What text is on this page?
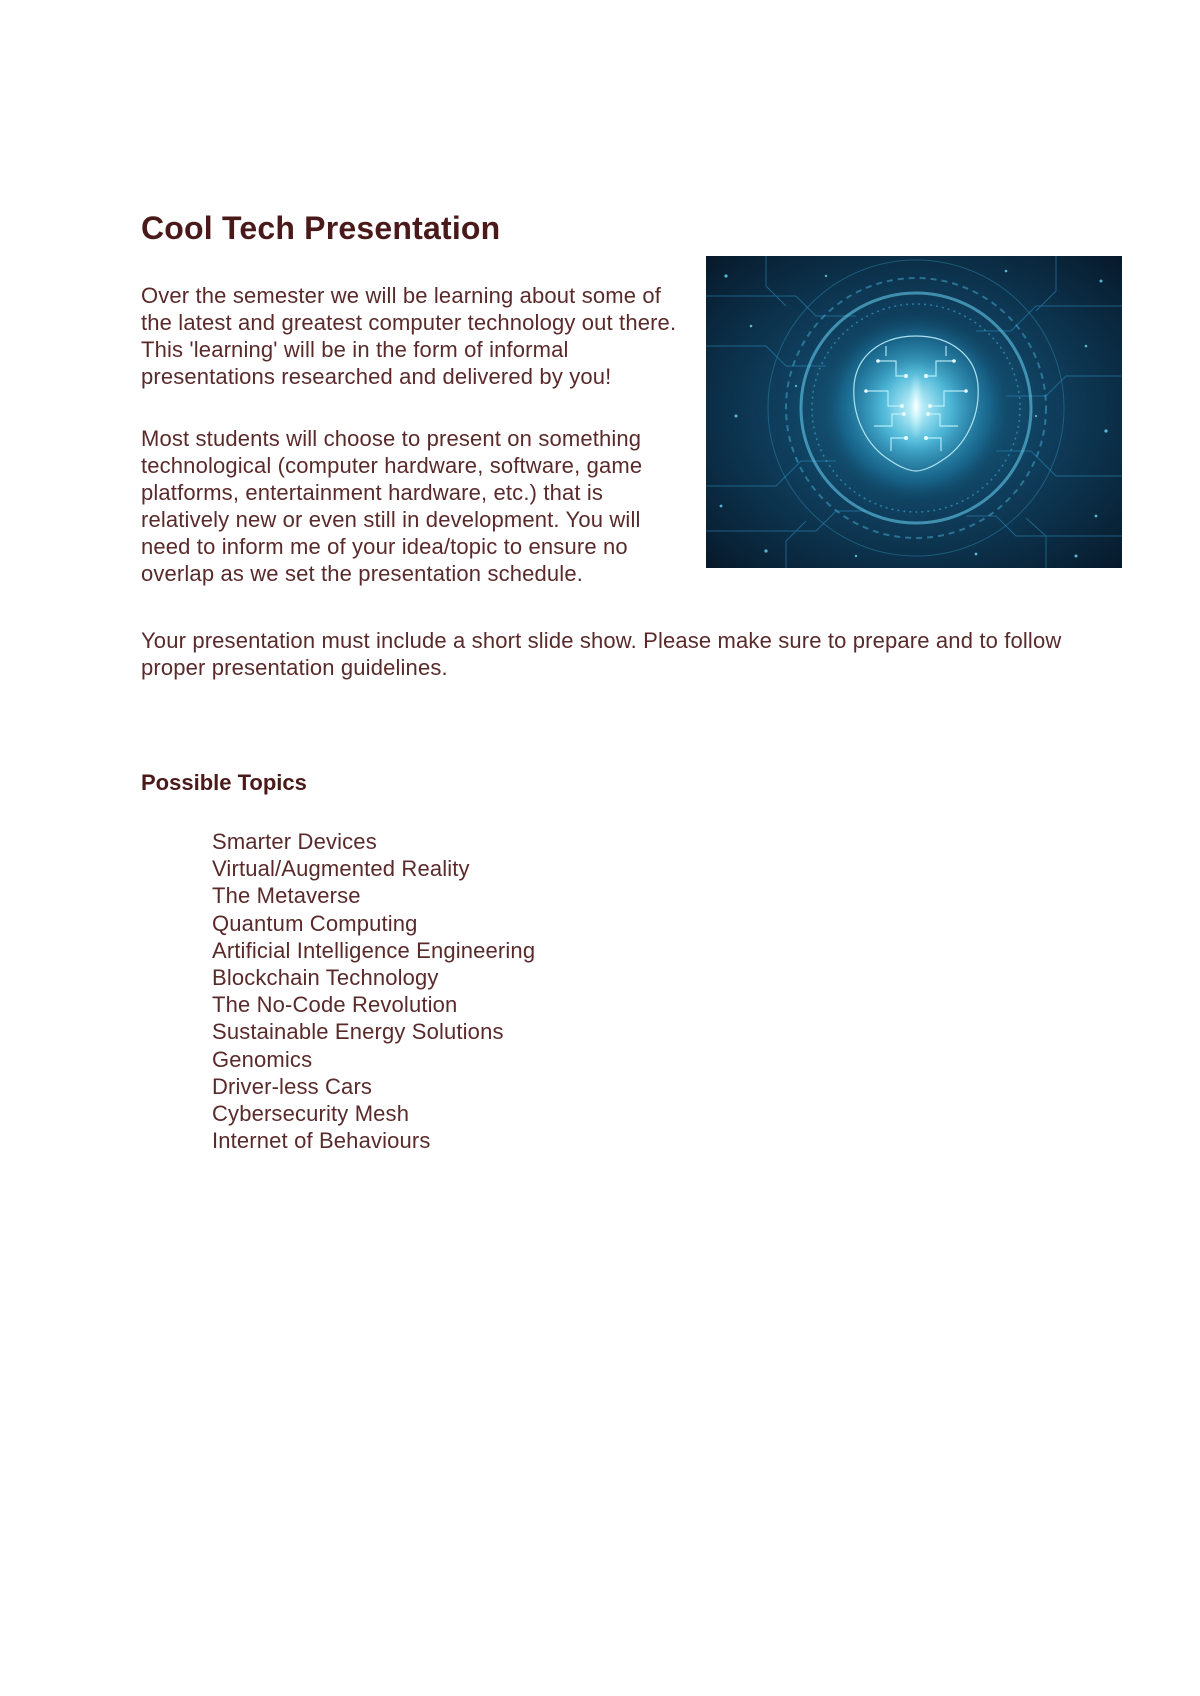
Cool Tech Presentation

Over the semester we will be learning about some of the latest and greatest computer technology out there. This 'learning' will be in the form of informal presentations researched and delivered by you!

Most students will choose to present on something technological (computer hardware, software, game platforms, entertainment hardware, etc.) that is relatively new or even still in development. You will need to inform me of your idea/topic to ensure no overlap as we set the presentation schedule.

Your presentation must include a short slide show. Please make sure to prepare and to follow proper presentation guidelines.

Possible Topics
Smarter Devices
Virtual/Augmented Reality
The Metaverse
Quantum Computing
Artificial Intelligence Engineering
Blockchain Technology
The No-Code Revolution
Sustainable Energy Solutions
Genomics
Driver-less Cars
Cybersecurity Mesh
Internet of Behaviours
